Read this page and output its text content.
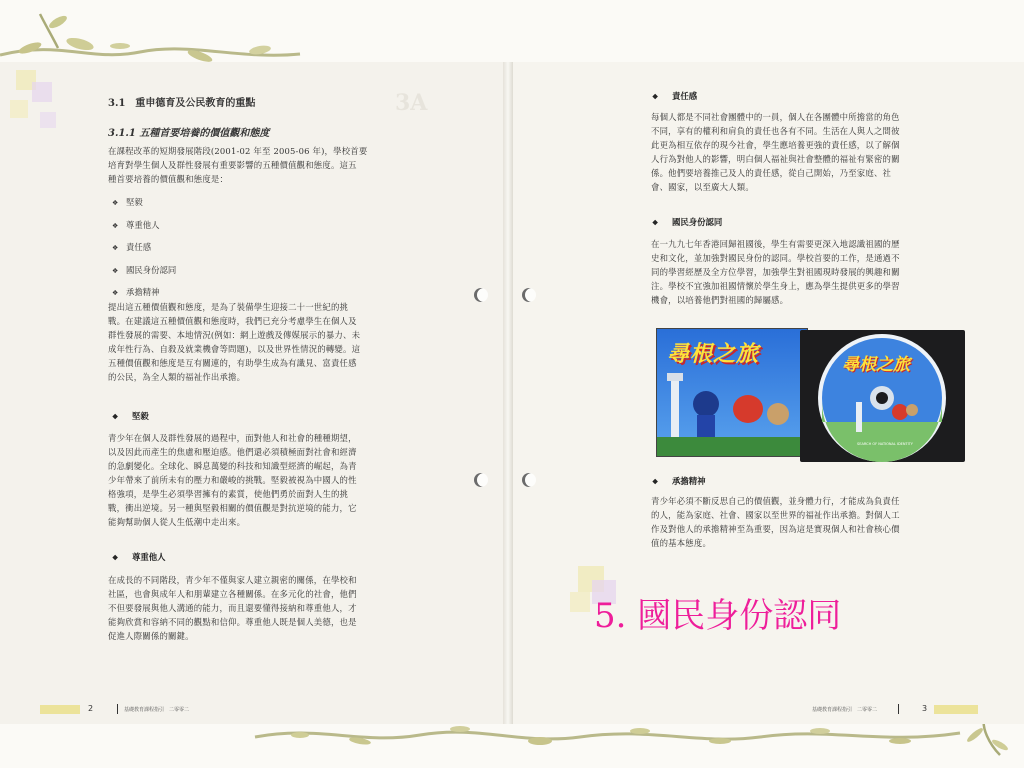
3A
3.1　重申德育及公民教育的重點
3.1.1 五種首要培養的價值觀和態度
在課程改革的短期發展階段(2001-02 年至 2005-06 年)，學校首要
培育對學生個人及群性發展有重要影響的五種價值觀和態度。這五
種首要培養的價值觀和態度是：
❖ 堅毅
❖ 尊重他人
❖ 責任感
❖ 國民身份認同
❖ 承擔精神
提出這五種價值觀和態度，是為了裝備學生迎接二十一世紀的挑
戰。在建議這五種價值觀和態度時，我們已充分考慮學生在個人及
群性發展的需要、本地情況(例如：網上遊戲及傳媒展示的暴力、未
成年性行為、自殺及就業機會等問題)，以及世界性情況的轉變。這
五種價值觀和態度是互有關連的，有助學生成為有識見、富責任感
的公民，為全人類的福祉作出承擔。
❖ 堅毅
青少年在個人及群性發展的過程中，面對他人和社會的種種期望，
以及因此而產生的焦慮和壓迫感。他們還必須積極面對社會和經濟
的急劇變化。全球化、瞬息萬變的科技和知識型經濟的崛起，為青
少年帶來了前所未有的壓力和嚴峻的挑戰。堅毅被視為中國人的性
格強項，是學生必須學習擁有的素質，使他們勇於面對人生的挑
戰，衝出逆境。另一種與堅毅相關的價值觀是對抗逆境的能力，它
能夠幫助個人從人生低潮中走出來。
❖ 尊重他人
在成長的不同階段，青少年不僅與家人建立親密的關係，在學校和
社區，也會與成年人和朋輩建立各種關係。在多元化的社會，他們
不但要發展與他人溝通的能力，而且還要懂得接納和尊重他人，才
能夠欣賞和容納不同的觀點和信仰。尊重他人既是個人美德，也是
促進人際關係的關鍵。
2	基礎教育課程指引　二零零二
❖ 責任感
每個人都是不同社會團體中的一員，個人在各團體中所擔當的角色
不同，享有的權利和肩負的責任也各有不同。生活在人與人之間彼
此更為相互依存的現今社會，學生應培養更強的責任感，以了解個
人行為對他人的影響，明白個人福祉與社會整體的福祉有緊密的關
係。他們要培養推己及人的責任感，從自己開始，乃至家庭、社
會、國家，以至廣大人類。
❖ 國民身份認同
在一九九七年香港回歸祖國後，學生有需要更深入地認識祖國的歷
史和文化，並加強對國民身份的認同。學校首要的工作，是通過不
同的學習經歷及全方位學習，加強學生對祖國現時發展的興趣和關
注。學校不宜強加祖國情懷於學生身上，應為學生提供更多的學習
機會，以培養他們對祖國的歸屬感。
尋根之旅	尋根之旅
SEARCH OF NATIONAL IDENTITY
❖ 承擔精神
青少年必須不斷反思自己的價值觀，並身體力行，才能成為負責任
的人，能為家庭、社會、國家以至世界的福祉作出承擔。對個人工
作及對他人的承擔精神至為重要，因為這是實現個人和社會核心價
值的基本態度。
5. 國民身份認同
基礎教育課程指引　二零零二	3
